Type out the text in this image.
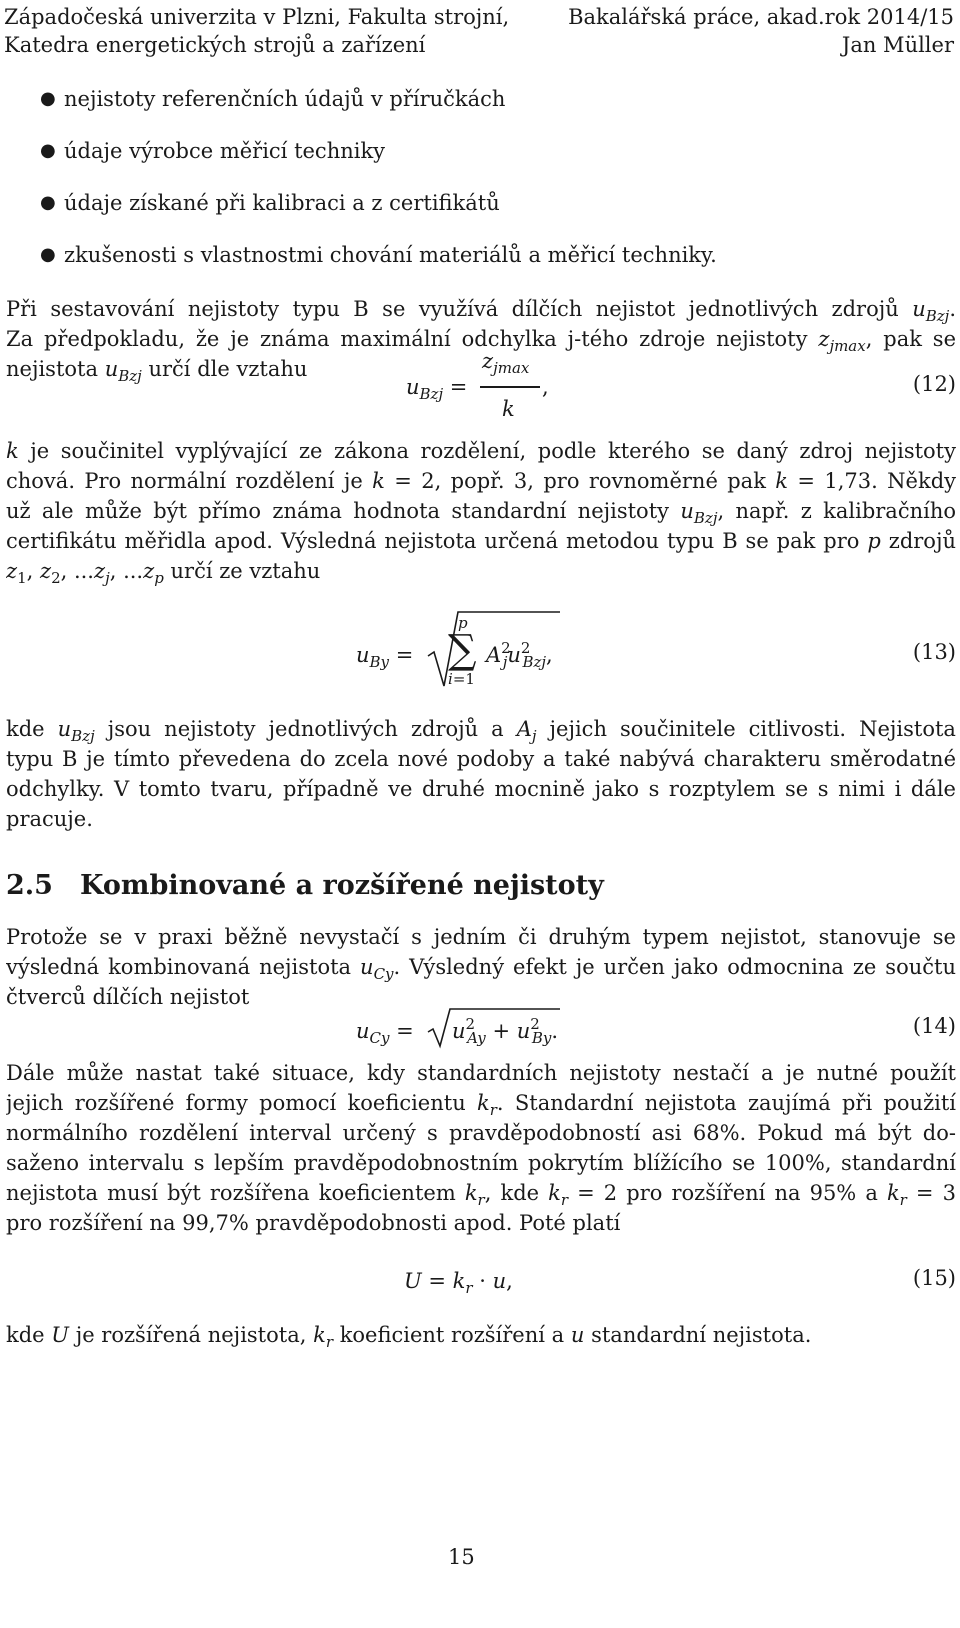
Západočeská univerzita v Plzni, Fakulta strojní,
Katedra energetických strojů a zařízení
Bakalářská práce, akad.rok 2014/15
Jan Müller
● nejistoty referenčních údajů v příručkách
● údaje výrobce měřicí techniky
● údaje získané při kalibraci a z certifikátů
● zkušenosti s vlastnostmi chování materiálů a měřicí techniky.
Při sestavování nejistoty typu B se využívá dílčích nejistot jednotlivých zdrojů $u_{Bzj}$.
Za předpokladu, že je známa maximální odchylka j-tého zdroje nejistoty $z_{jmax}$, pak se
nejistota $u_{Bzj}$ určí dle vztahu
$u_{Bzj}$ =
$z_{jmax}$
k
,	(12)
k je součinitel vyplývající ze zákona rozdělení, podle kterého se daný zdroj nejistoty
chová. Pro normální rozdělení je k = 2, popř. 3, pro rovnoměrné pak k = 1,73. Někdy
už ale může být přímo známa hodnota standardní nejistoty $u_{Bzj}$, např. z kalibračního
certifikátu měřidla apod. Výsledná nejistota určená metodou typu B se pak pro p zdrojů
$z_1$, $z_2$, $...z_j$, $...z_p$ určí ze vztahu
$u_{By}$ =
p
∑
i=1
$A^2_ju^2_{Bzj}$,	(13)
kde $u_{Bzj}$ jsou nejistoty jednotlivých zdrojů a $A_j$ jejich součinitele citlivosti. Nejistota
typu B je tímto převedena do zcela nové podoby a také nabývá charakteru směrodatné
odchylky. V tomto tvaru, případně ve druhé mocnině jako s rozptylem se s nimi i dále
pracuje.
2.5 Kombinované a rozšířené nejistoty
Protože se v praxi běžně nevystačí s jedním či druhým typem nejistot, stanovuje se
výsledná kombinovaná nejistota $u_{Cy}$. Výsledný efekt je určen jako odmocnina ze součtu
čtverců dílčích nejistot
$u_{Cy} = u^2_{Ay} + u^2_{By}$.	(14)
Dále může nastat také situace, kdy standardních nejistoty nestačí a je nutné použít
jejich rozšířené formy pomocí koeficientu $k_r$. Standardní nejistota zaujímá při použití
normálního rozdělení interval určený s pravděpodobností asi 68%. Pokud má být do-
saženo intervalu s lepším pravděpodobnostním pokrytím blížícího se 100%, standardní
nejistota musí být rozšířena koeficientem $k_r$, kde $k_r = 2$ pro rozšíření na 95% a $k_r = 3$
pro rozšíření na 99,7% pravděpodobnosti apod. Poté platí
$U = k_r \cdot u$,	(15)
kde U je rozšířená nejistota, $k_r$ koeficient rozšíření a u standardní nejistota.
15
